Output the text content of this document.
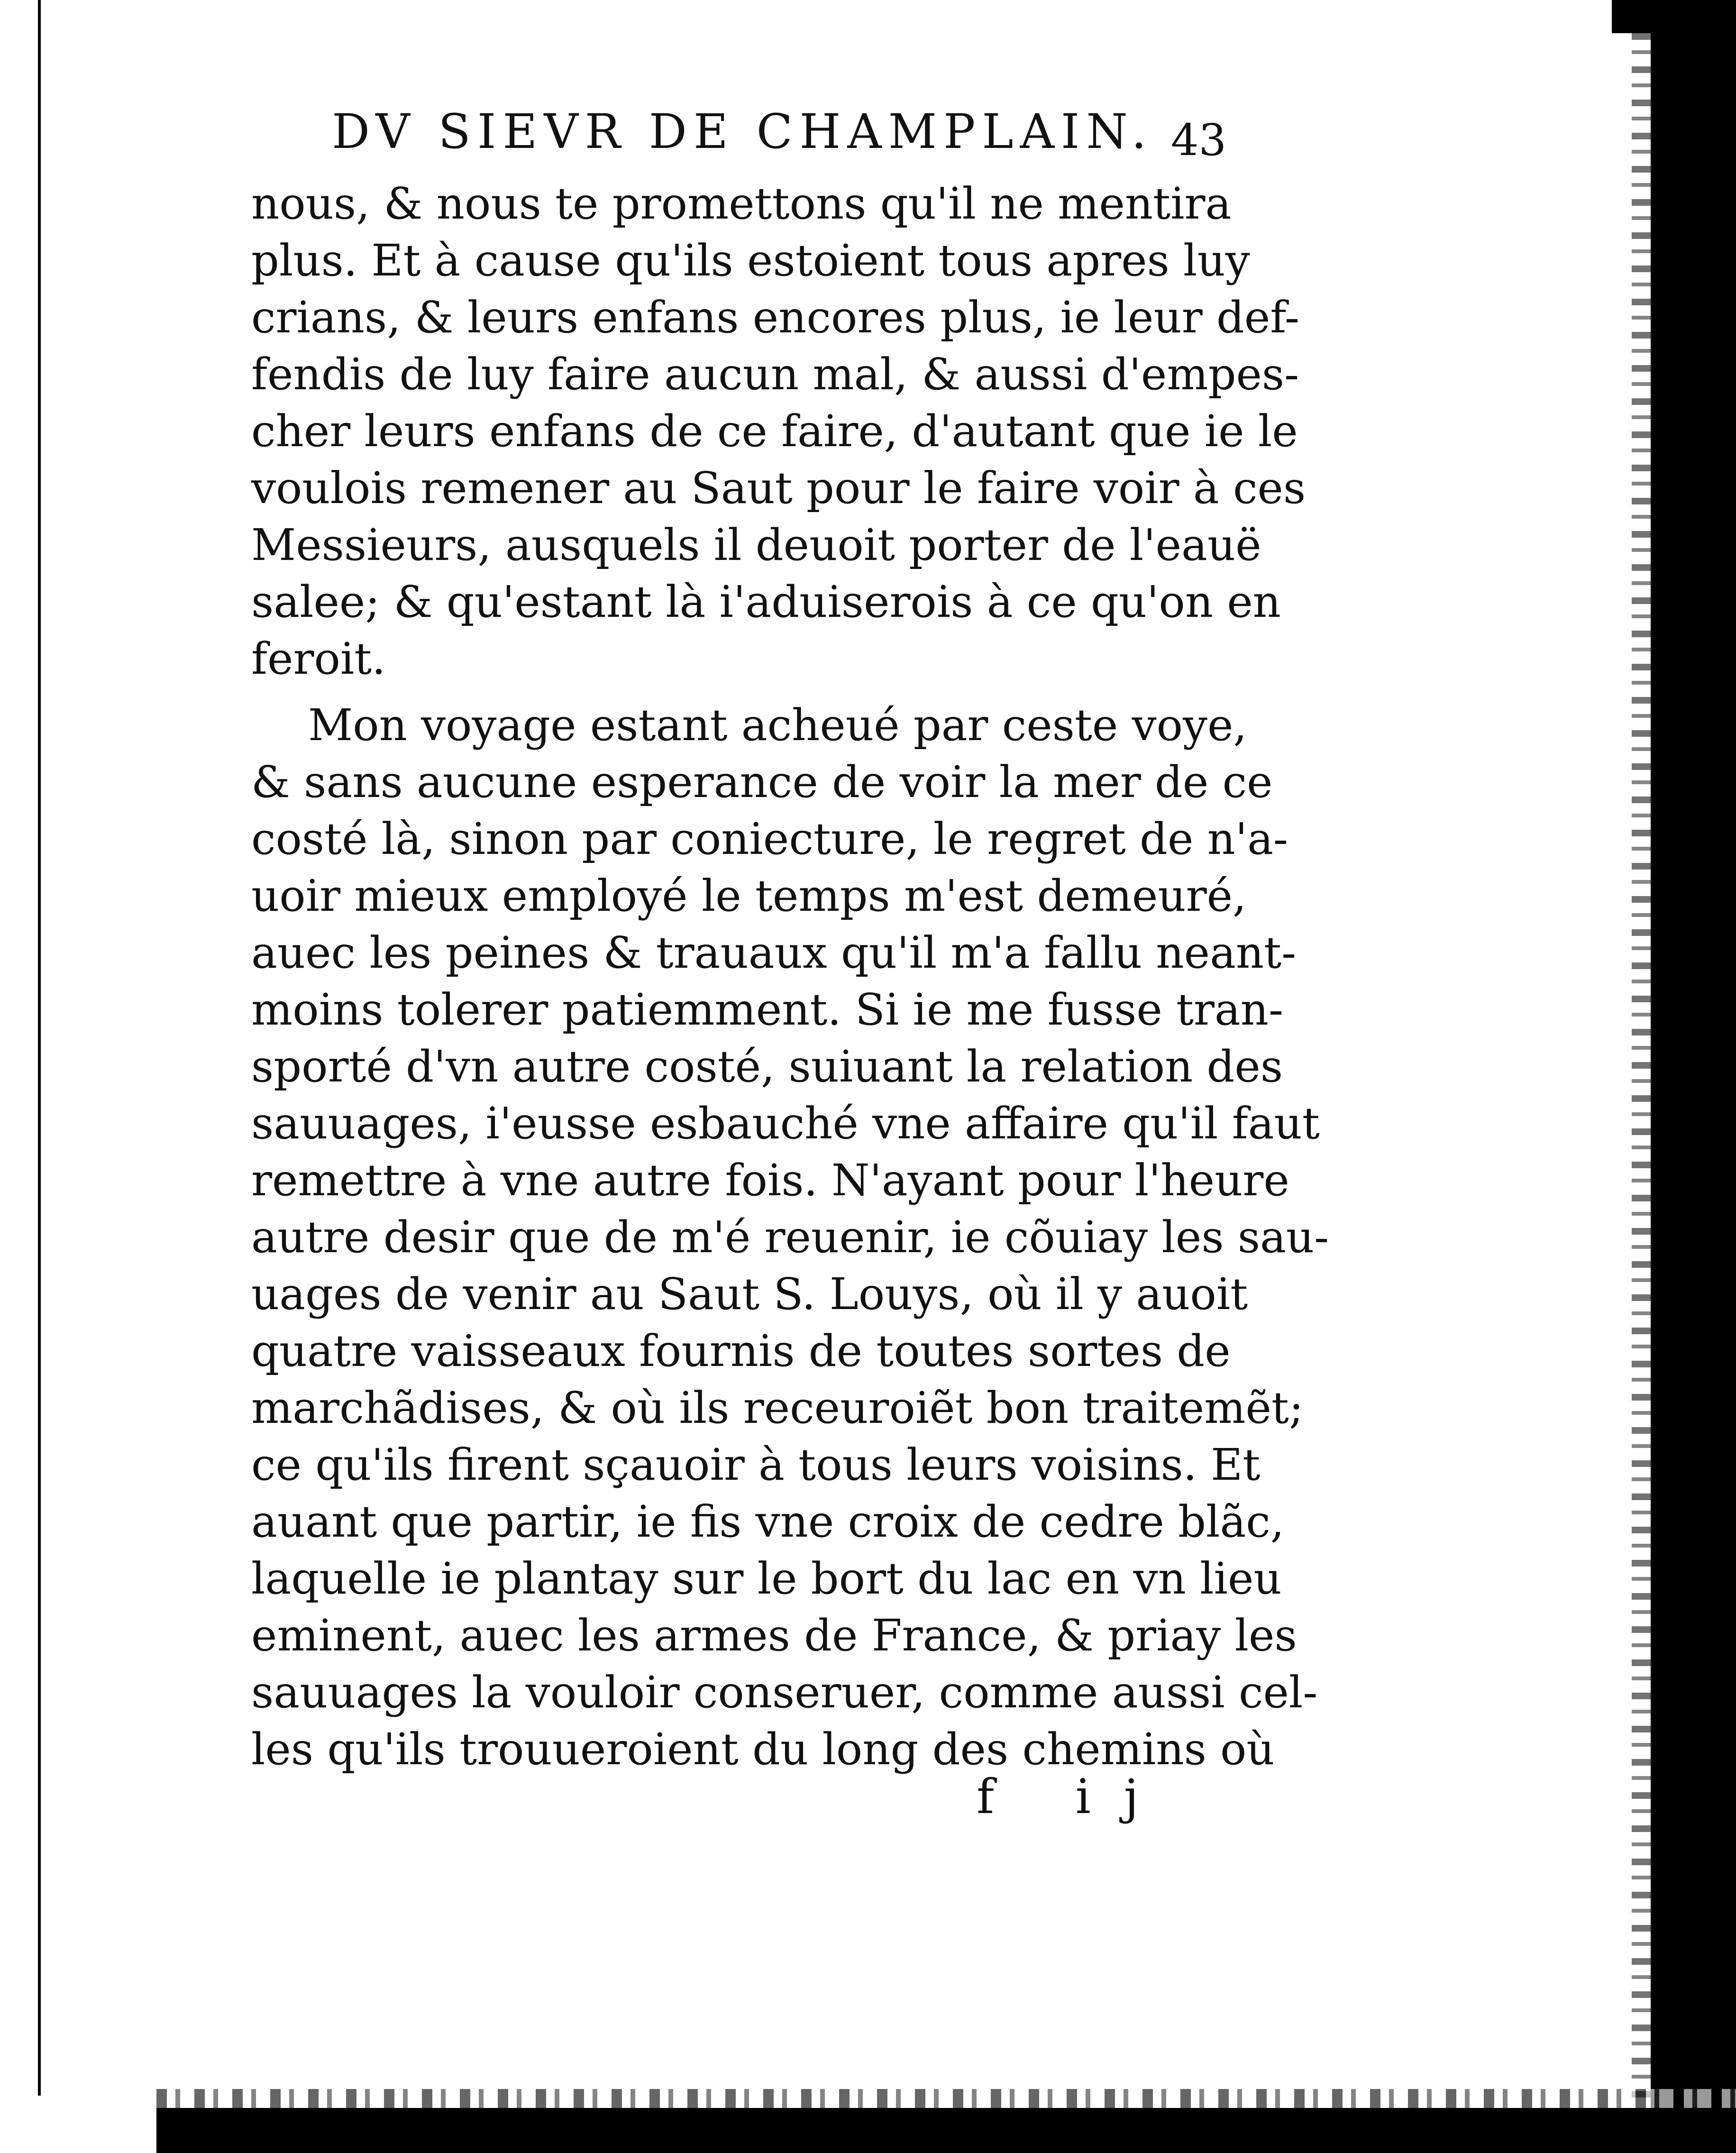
DV SIEVR DE CHAMPLAIN. 43
nous, & nous te promettons qu'il ne mentira
plus. Et à cause qu'ils estoient tous apres luy
crians, & leurs enfans encores plus, ie leur def-
fendis de luy faire aucun mal, & aussi d'empes-
cher leurs enfans de ce faire, d'autant que ie le
voulois remener au Saut pour le faire voir à ces
Messieurs, ausquels il deuoit porter de l'eauë
salee; & qu'estant là i'aduiserois à ce qu'on en
feroit.
Mon voyage estant acheué par ceste voye,
& sans aucune esperance de voir la mer de ce
costé là, sinon par coniecture, le regret de n'a-
uoir mieux employé le temps m'est demeuré,
auec les peines & trauaux qu'il m'a fallu neant-
moins tolerer patiemment. Si ie me fusse tran-
sporté d'vn autre costé, suiuant la relation des
sauuages, i'eusse esbauché vne affaire qu'il faut
remettre à vne autre fois. N'ayant pour l'heure
autre desir que de m'é reuenir, ie cõuiay les sau-
uages de venir au Saut S. Louys, où il y auoit
quatre vaisseaux fournis de toutes sortes de
marchãdises, & où ils receuroiẽt bon traitemẽt;
ce qu'ils firent sçauoir à tous leurs voisins. Et
auant que partir, ie fis vne croix de cedre blãc,
laquelle ie plantay sur le bort du lac en vn lieu
eminent, auec les armes de France, & priay les
sauuages la vouloir conseruer, comme aussi cel-
les qu'ils trouueroient du long des chemins où
f ij
